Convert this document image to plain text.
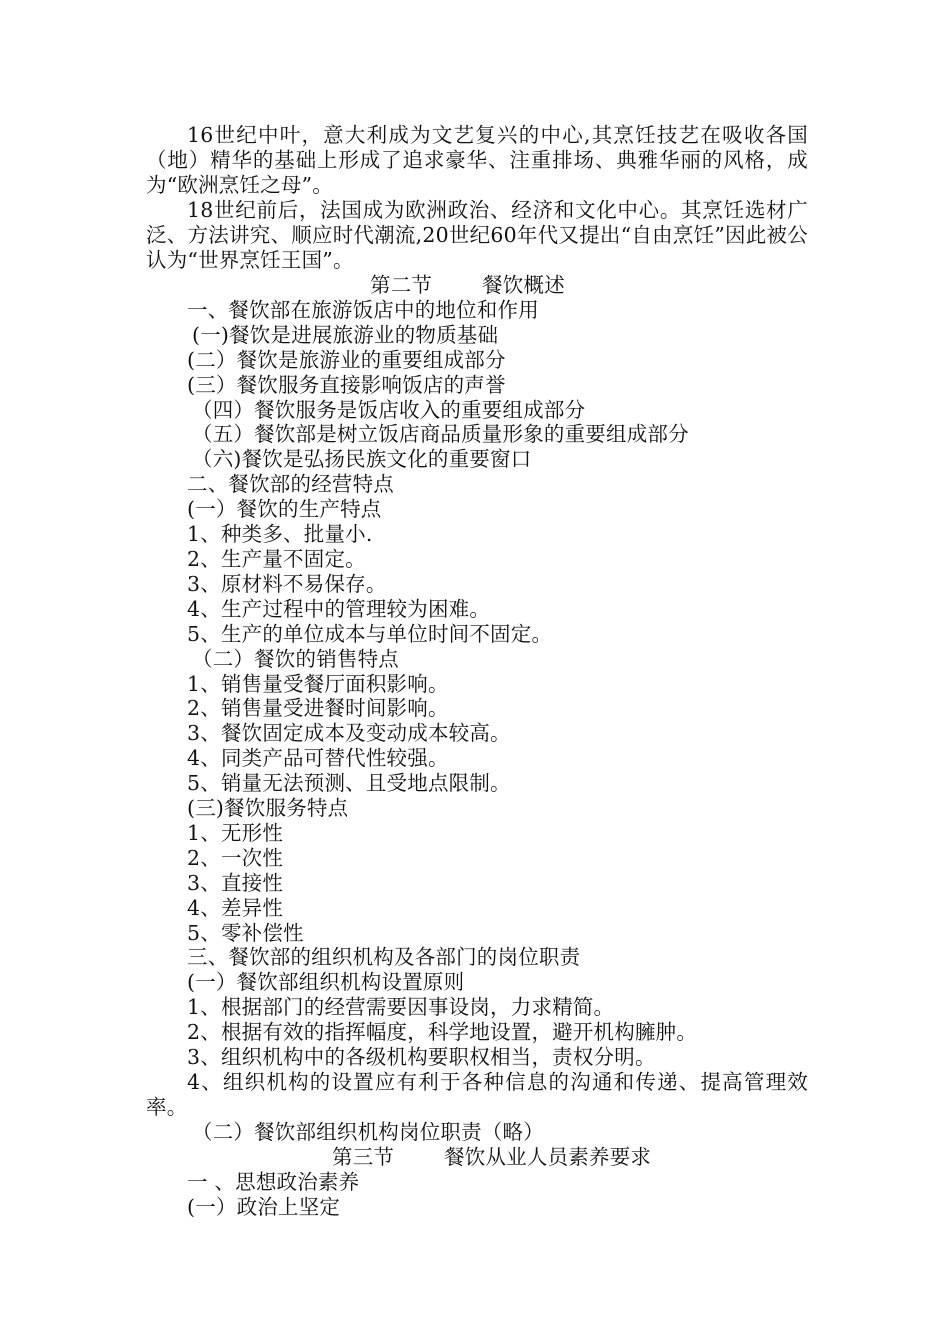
16世纪中叶，意大利成为文艺复兴的中心,其烹饪技艺在吸收各国（地）精华的基础上形成了追求豪华、注重排场、典雅华丽的风格，成为“欧洲烹饪之母”。

18世纪前后，法国成为欧洲政治、经济和文化中心。其烹饪选材广泛、方法讲究、顺应时代潮流,20世纪60年代又提出“自由烹饪”因此被公认为“世界烹饪王国”。

第二节 餐饮概述

一、餐饮部在旅游饭店中的地位和作用

(一)餐饮是进展旅游业的物质基础

(二）餐饮是旅游业的重要组成部分

(三）餐饮服务直接影响饭店的声誉

（四）餐饮服务是饭店收入的重要组成部分

（五）餐饮部是树立饭店商品质量形象的重要组成部分

（六)餐饮是弘扬民族文化的重要窗口

二、餐饮部的经营特点

(一）餐饮的生产特点

1、种类多、批量小.

2、生产量不固定。

3、原材料不易保存。

4、生产过程中的管理较为困难。

5、生产的单位成本与单位时间不固定。

（二）餐饮的销售特点

1、销售量受餐厅面积影响。

2、销售量受进餐时间影响。

3、餐饮固定成本及变动成本较高。

4、同类产品可替代性较强。

5、销量无法预测、且受地点限制。

(三)餐饮服务特点

1、无形性

2、一次性

3、直接性

4、差异性

5、零补偿性

三、餐饮部的组织机构及各部门的岗位职责

(一）餐饮部组织机构设置原则

1、根据部门的经营需要因事设岗，力求精简。

2、根据有效的指挥幅度，科学地设置，避开机构臃肿。

3、组织机构中的各级机构要职权相当，责权分明。

4、组织机构的设置应有利于各种信息的沟通和传递、提高管理效率。

（二）餐饮部组织机构岗位职责（略）

第三节 餐饮从业人员素养要求

一 、思想政治素养

(一）政治上坚定
